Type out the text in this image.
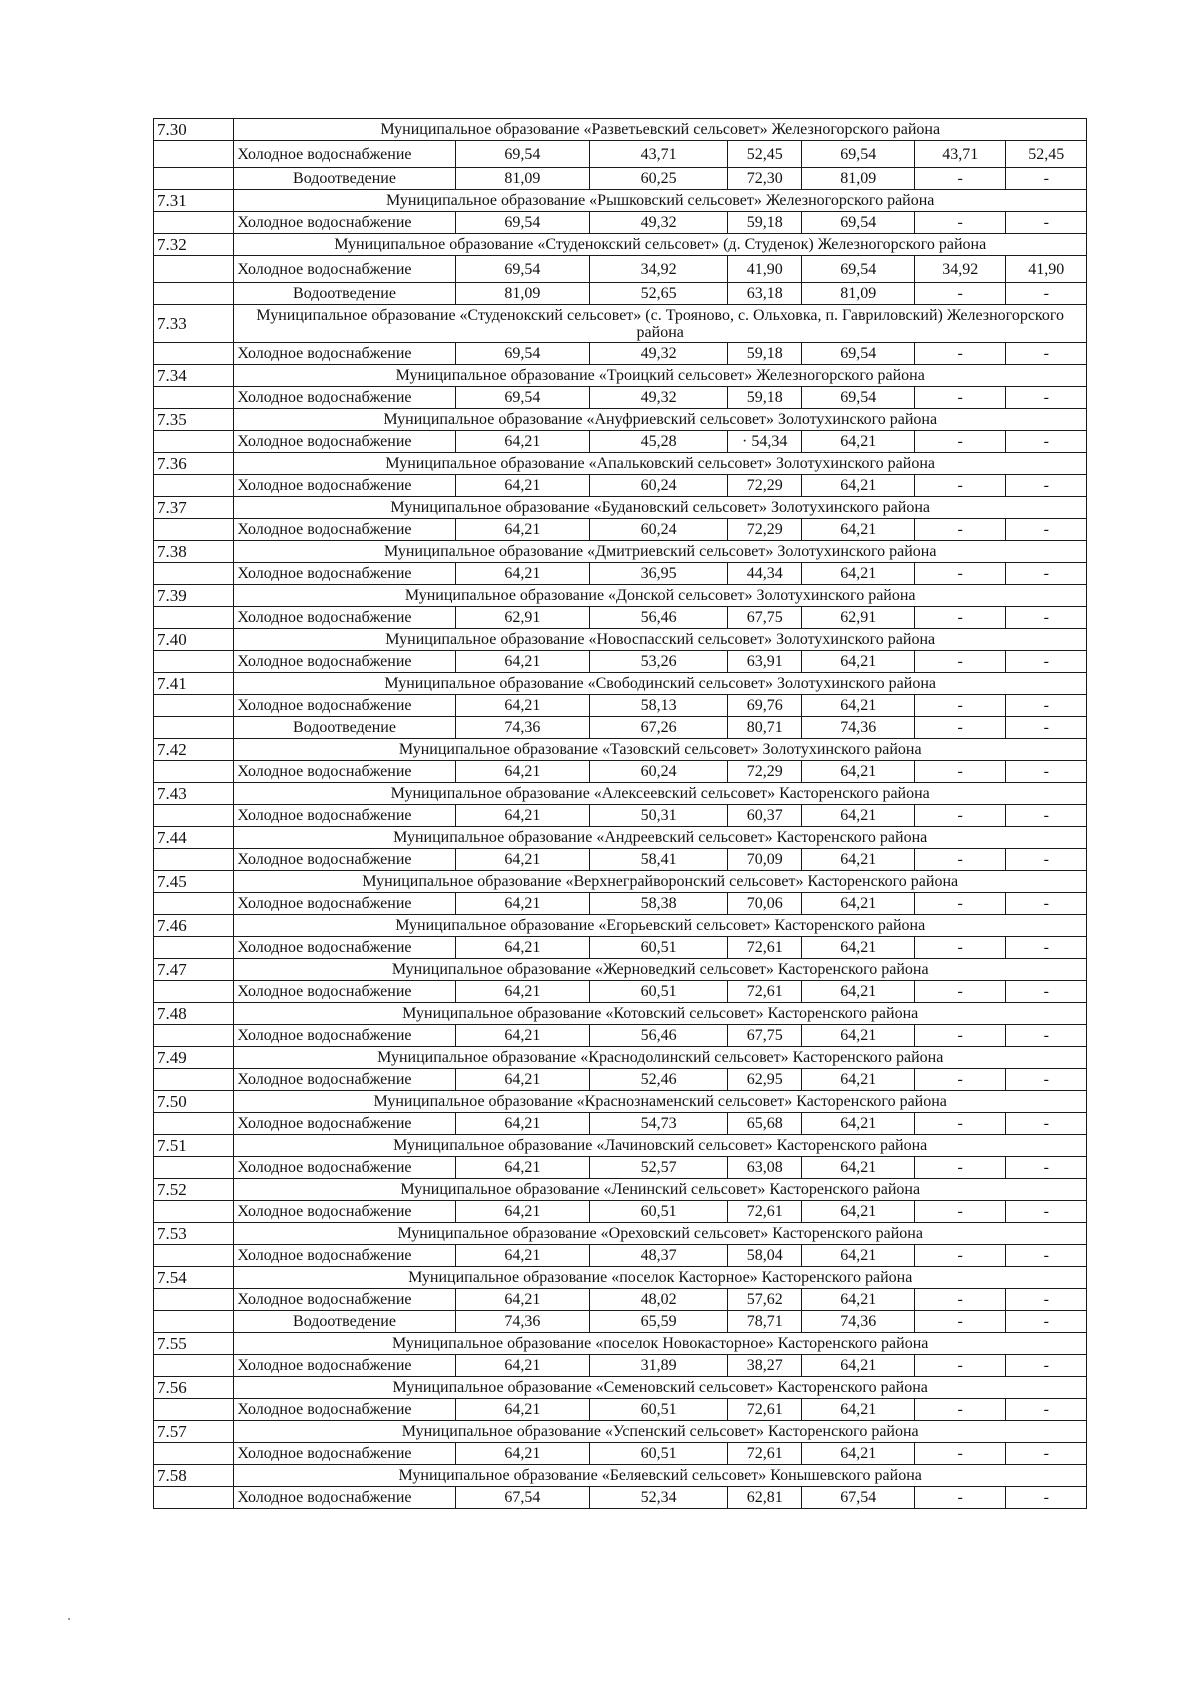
7.30	Муниципальное образование «Разветьевский сельсовет» Железногорского района						
	Холодное водоснабжение	69,54	43,71	52,45	69,54	43,71	52,45
	Водоотведение	81,09	60,25	72,30	81,09	-	-
7.31	Муниципальное образование «Рышковский сельсовет» Железногорского района						
	Холодное водоснабжение	69,54	49,32	59,18	69,54	-	-
7.32	Муниципальное образование «Студенокский сельсовет» (д. Студенок) Железногорского района						
	Холодное водоснабжение	69,54	34,92	41,90	69,54	34,92	41,90
	Водоотведение	81,09	52,65	63,18	81,09	-	-
7.33	Муниципальное образование «Студенокский сельсовет» (с. Трояново, с. Ольховка, п. Гавриловский) Железногорского района						
	Холодное водоснабжение	69,54	49,32	59,18	69,54	-	-
7.34	Муниципальное образование «Троицкий сельсовет» Железногорского района						
	Холодное водоснабжение	69,54	49,32	59,18	69,54	-	-
7.35	Муниципальное образование «Ануфриевский сельсовет» Золотухинского района						
	Холодное водоснабжение	64,21	45,28	· 54,34	64,21	-	-
7.36	Муниципальное образование «Апальковский сельсовет» Золотухинского района						
	Холодное водоснабжение	64,21	60,24	72,29	64,21	-	-
7.37	Муниципальное образование «Будановский сельсовет» Золотухинского района						
	Холодное водоснабжение	64,21	60,24	72,29	64,21	-	-
7.38	Муниципальное образование «Дмитриевский сельсовет» Золотухинского района						
	Холодное водоснабжение	64,21	36,95	44,34	64,21	-	-
7.39	Муниципальное образование «Донской сельсовет» Золотухинского района						
	Холодное водоснабжение	62,91	56,46	67,75	62,91	-	-
7.40	Муниципальное образование «Новоспасский сельсовет» Золотухинского района						
	Холодное водоснабжение	64,21	53,26	63,91	64,21	-	-
7.41	Муниципальное образование «Свободинский сельсовет» Золотухинского района						
	Холодное водоснабжение	64,21	58,13	69,76	64,21	-	-
	Водоотведение	74,36	67,26	80,71	74,36	-	-
7.42	Муниципальное образование «Тазовский сельсовет» Золотухинского района						
	Холодное водоснабжение	64,21	60,24	72,29	64,21	-	-
7.43	Муниципальное образование «Алексеевский сельсовет» Касторенского района						
	Холодное водоснабжение	64,21	50,31	60,37	64,21	-	-
7.44	Муниципальное образование «Андреевский сельсовет» Касторенского района						
	Холодное водоснабжение	64,21	58,41	70,09	64,21	-	-
7.45	Муниципальное образование «Верхнеграйворонский сельсовет» Касторенского района						
	Холодное водоснабжение	64,21	58,38	70,06	64,21	-	-
7.46	Муниципальное образование «Егорьевский сельсовет» Касторенского района						
	Холодное водоснабжение	64,21	60,51	72,61	64,21	-	-
7.47	Муниципальное образование «Жерноведкий сельсовет» Касторенского района						
	Холодное водоснабжение	64,21	60,51	72,61	64,21	-	-
7.48	Муниципальное образование «Котовский сельсовет» Касторенского района						
	Холодное водоснабжение	64,21	56,46	67,75	64,21	-	-
7.49	Муниципальное образование «Краснодолинский сельсовет» Касторенского района						
	Холодное водоснабжение	64,21	52,46	62,95	64,21	-	-
7.50	Муниципальное образование «Краснознаменский сельсовет» Касторенского района						
	Холодное водоснабжение	64,21	54,73	65,68	64,21	-	-
7.51	Муниципальное образование «Лачиновский сельсовет» Касторенского района						
	Холодное водоснабжение	64,21	52,57	63,08	64,21	-	-
7.52	Муниципальное образование «Ленинский сельсовет» Касторенского района						
	Холодное водоснабжение	64,21	60,51	72,61	64,21	-	-
7.53	Муниципальное образование «Ореховский сельсовет» Касторенского района						
	Холодное водоснабжение	64,21	48,37	58,04	64,21	-	-
7.54	Муниципальное образование «поселок Касторное» Касторенского района						
	Холодное водоснабжение	64,21	48,02	57,62	64,21	-	-
	Водоотведение	74,36	65,59	78,71	74,36	-	-
7.55	Муниципальное образование «поселок Новокасторное» Касторенского района						
	Холодное водоснабжение	64,21	31,89	38,27	64,21	-	-
7.56	Муниципальное образование «Семеновский сельсовет» Касторенского района						
	Холодное водоснабжение	64,21	60,51	72,61	64,21	-	-
7.57	Муниципальное образование «Успенский сельсовет» Касторенского района						
	Холодное водоснабжение	64,21	60,51	72,61	64,21	-	-
7.58	Муниципальное образование «Беляевский сельсовет» Конышевского района						
	Холодное водоснабжение	67,54	52,34	62,81	67,54	-	-
